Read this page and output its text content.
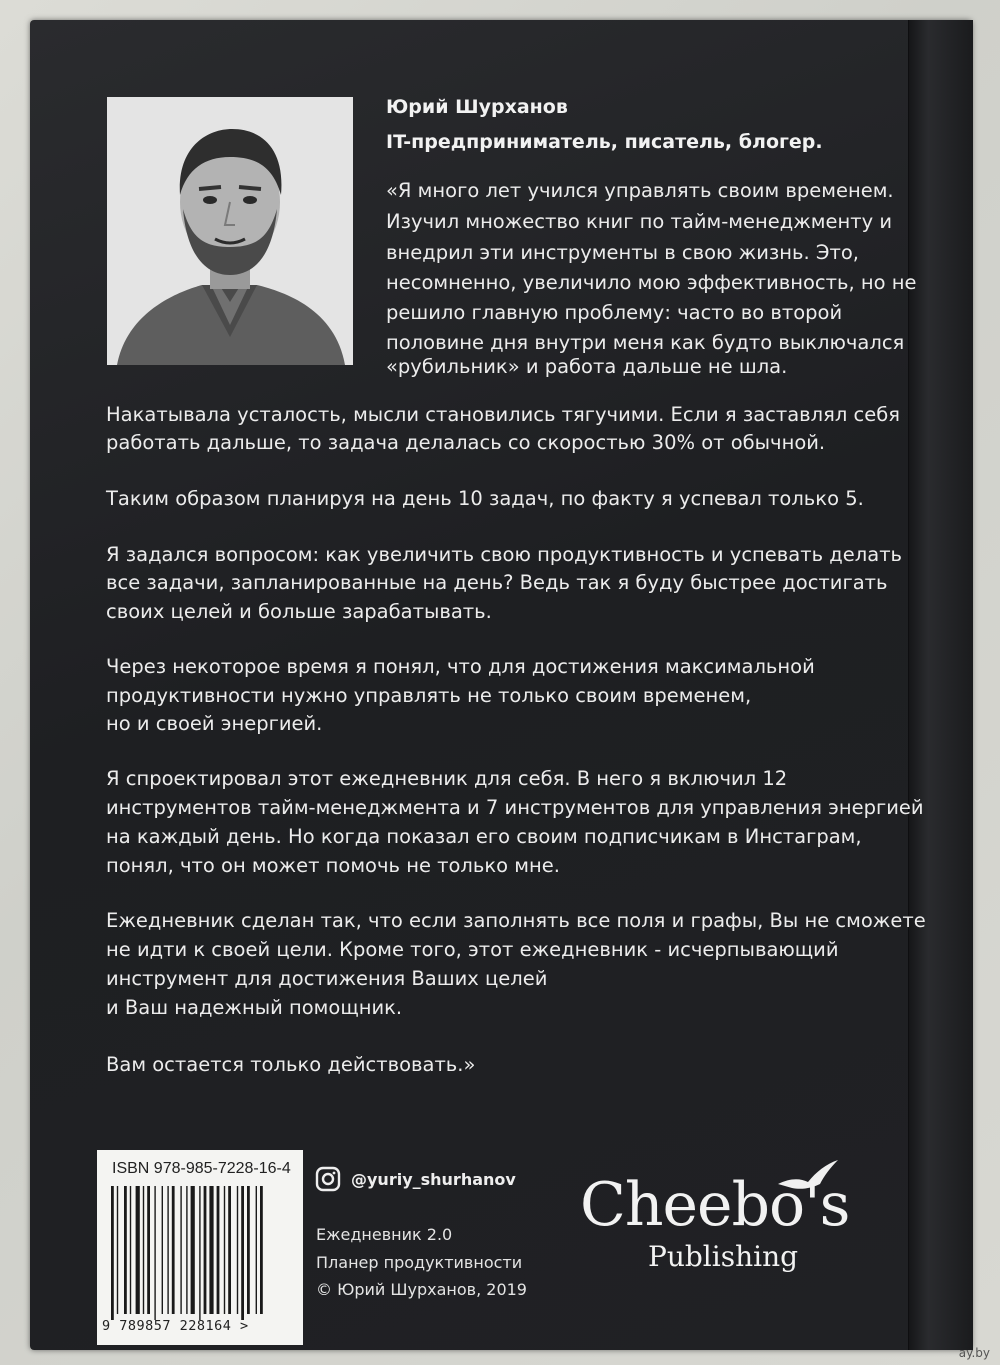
Юрий Шурханов

IT-предприниматель, писатель, блогер.

«Я много лет учился управлять своим временем.

Изучил множество книг по тайм-менеджменту и

внедрил эти инструменты в свою жизнь. Это,

несомненно, увеличило мою эффективность, но не

решило главную проблему: часто во второй

половине дня внутри меня как будто выключался

«рубильник» и работа дальше не шла.

Накатывала усталость, мысли становились тягучими. Если я заставлял себя

работать дальше, то задача делалась со скоростью 30% от обычной.

Таким образом планируя на день 10 задач, по факту я успевал только 5.

Я задался вопросом: как увеличить свою продуктивность и успевать делать

все задачи, запланированные на день? Ведь так я буду быстрее достигать

своих целей и больше зарабатывать.

Через некоторое время я понял, что для достижения максимальной

продуктивности нужно управлять не только своим временем,

но и своей энергией.

Я спроектировал этот ежедневник для себя. В него я включил 12

инструментов тайм-менеджмента и 7 инструментов для управления энергией

на каждый день. Но когда показал его своим подписчикам в Инстаграм,

понял, что он может помочь не только мне.

Ежедневник сделан так, что если заполнять все поля и графы, Вы не сможете

не идти к своей цели. Кроме того, этот ежедневник - исчерпывающий

инструмент для достижения Ваших целей

и Ваш надежный помощник.

Вам остается только действовать.»

ISBN 978-985-7228-16-4

9 789857 228164 >

@yuriy_shurhanov

Ежедневник 2.0

Планер продуктивности

© Юрий Шурханов, 2019

Cheebo's

Publishing

ay.by
